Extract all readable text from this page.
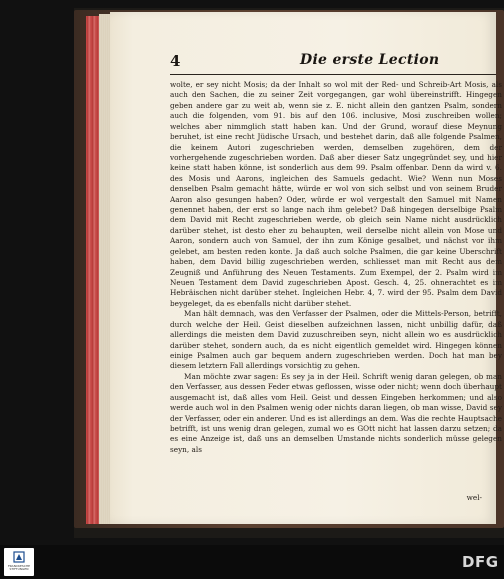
4	Die erste Lection

wolte, er sey nicht Mosis; da der Inhalt so wol mit der Red- und Schreib-Art Mosis, als auch den Sachen, die zu seiner Zeit vorgegangen, gar wohl übereinstrifft. Hingegen geben andere gar zu weit ab, wenn sie z. E. nicht allein den gantzen Psalm, sondern auch die folgenden, vom 91. bis auf den 106. inclusive, Mosi zuschreiben wollen; welches aber nimmglich statt haben kan. Und der Grund, worauf diese Meynung beruhet, ist eine recht Jüdische Ursach, und bestehet darin, daß alle folgende Psalmen, die keinem Autori zugeschrieben werden, demselben zugehören, dem der vorhergehende zugeschrieben worden. Daß aber dieser Satz ungegründet sey, und hier keine statt haben könne, ist sonderlich aus dem 99. Psalm offenbar. Denn da wird v. 6. des Mosis und Aarons, ingleichen des Samuels gedacht. Wie? Wenn nun Moses denselben Psalm gemacht hätte, würde er wol von sich selbst und von seinem Bruder Aaron also gesungen haben? Oder, würde er wol vergestalt den Samuel mit Namen genennet haben, der erst so lange nach ihm gelebet? Daß hingegen derselbige Psalm dem David mit Recht zugeschrieben werde, ob gleich sein Name nicht ausdrücklich darüber stehet, ist desto eher zu behaupten, weil derselbe nicht allein von Mose und Aaron, sondern auch von Samuel, der ihn zum Könige gesalbet, und nächst vor ihm gelebet, am besten reden konte. Ja daß auch solche Psalmen, die gar keine Uberschrift haben, dem David billig zugeschrieben werden, schliesset man mit Recht aus dem Zeugniß und Anführung des Neuen Testaments. Zum Exempel, der 2. Psalm wird im Neuen Testament dem David zugeschrieben Apost. Gesch. 4, 25. ohnerachtet es im Hebräischen nicht darüber stehet. Ingleichen Hebr. 4, 7. wird der 95. Psalm dem David beygeleget, da es ebenfalls nicht darüber stehet.

Man hält demnach, was den Verfasser der Psalmen, oder die Mittels-Person, betrifft, durch welche der Heil. Geist dieselben aufzeichnen lassen, nicht unbillig dafür, daß allerdings die meisten dem David zuzuschreiben seyn, nicht allein wo es ausdrücklich darüber stehet, sondern auch, da es nicht eigentlich gemeldet wird. Hingegen können einige Psalmen auch gar bequem andern zugeschrieben werden. Doch hat man bey diesem letztern Fall allerdings vorsichtig zu gehen.

Man möchte zwar sagen: Es sey ja in der Heil. Schrift wenig daran gelegen, ob man den Verfasser, aus dessen Feder etwas geflossen, wisse oder nicht; wenn doch überhaupt ausgemacht ist, daß alles vom Heil. Geist und dessen Eingeben herkommen; und also werde auch wol in den Psalmen wenig oder nichts daran liegen, ob man wisse, David sey der Verfasser, oder ein anderer. Und es ist allerdings an dem. Was die rechte Hauptsache betrifft, ist uns wenig dran gelegen, zumal wo es GOtt nicht hat lassen darzu setzen; da es eine Anzeige ist, daß uns an demselben Umstande nichts sonderlich müsse gelegen seyn, als

wel-
FRANCKESCHE STIFTUNGEN	DFG
